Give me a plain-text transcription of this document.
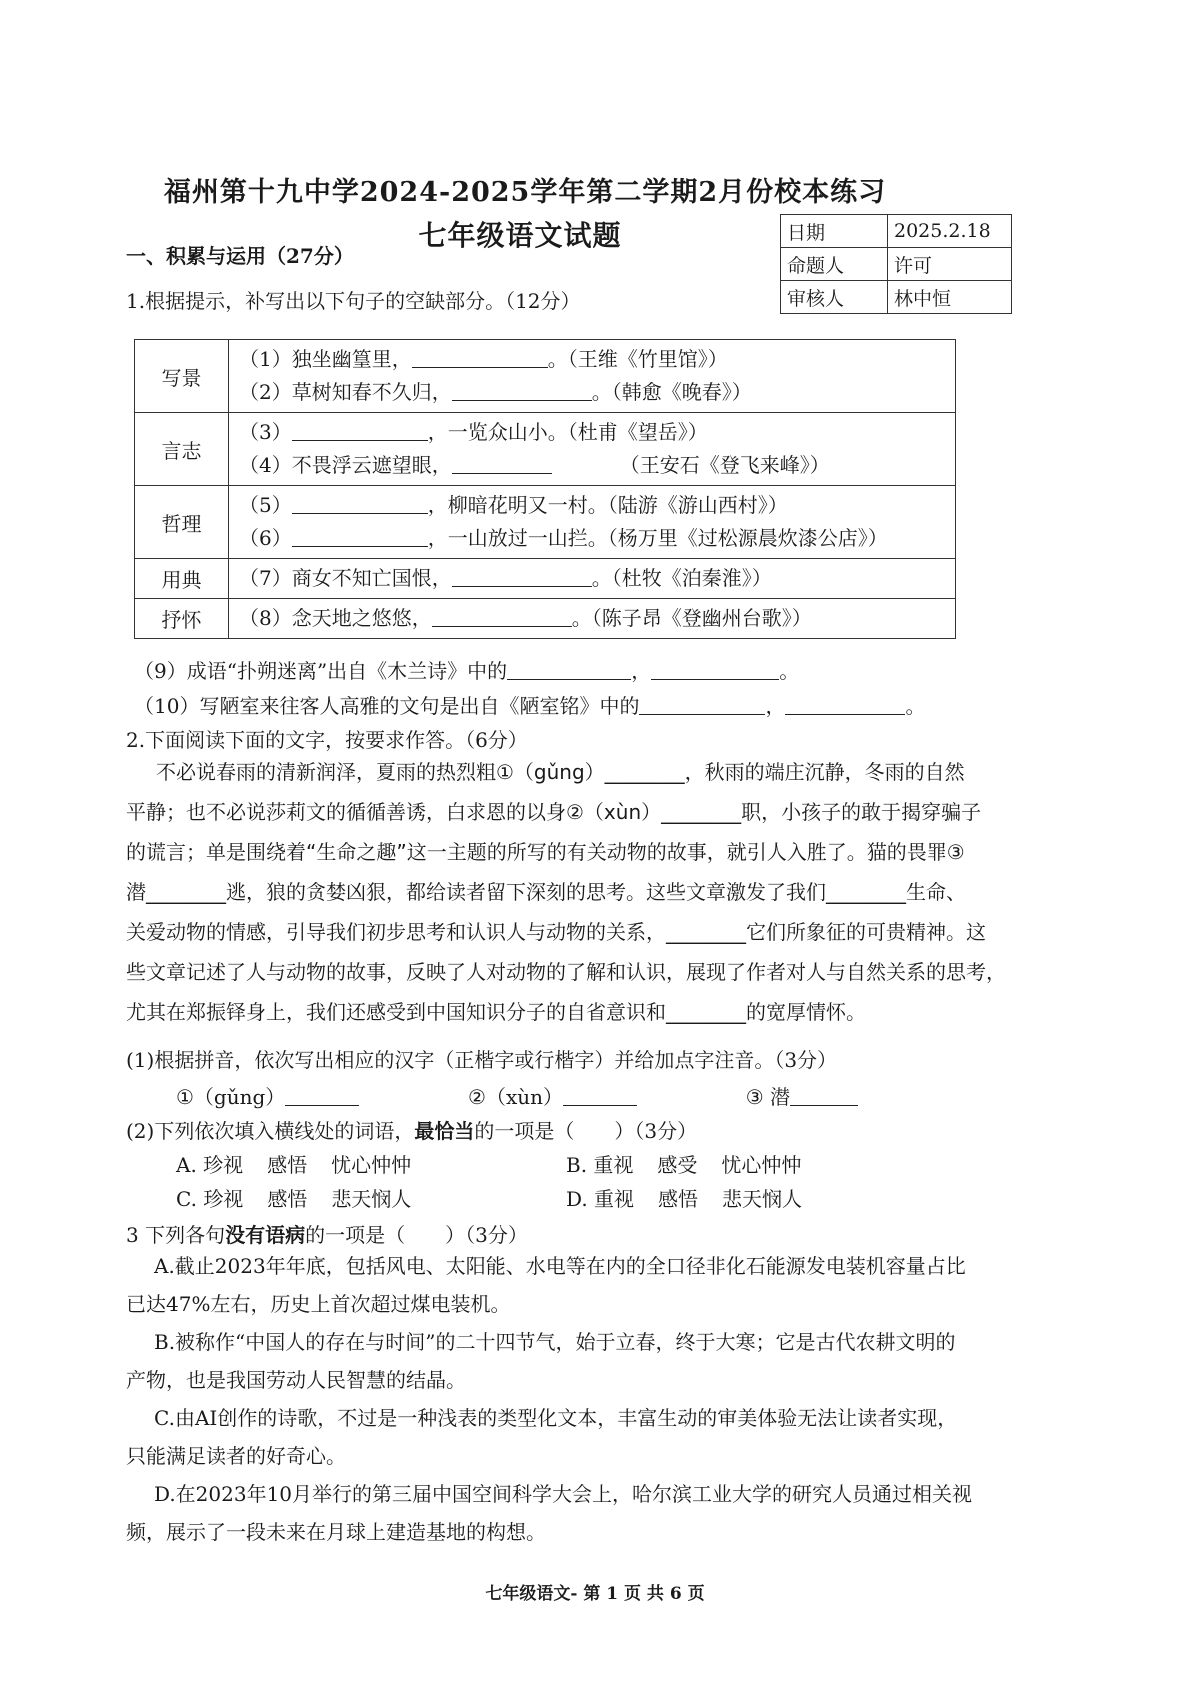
福州第十九中学2024-2025学年第二学期2月份校本练习
七年级语文试题	日期	2025.2.18
命题人	许可
审核人	林中恒
一、积累与运用（27分）
1.根据提示，补写出以下句子的空缺部分。（12分）
写景	（1）独坐幽篁里， 。（王维《竹里馆》）
（2）草树知春不久归， 。（韩愈《晚春》）

言志	（3） ，一览众山小。（杜甫《望岳》）
（4）不畏浮云遮望眼， （王安石《登飞来峰》）

哲理	（5） ，柳暗花明又一村。（陆游《游山西村》）
（6） ，一山放过一山拦。（杨万里《过松源晨炊漆公店》）

用典	（7）商女不知亡国恨， 。（杜牧《泊秦淮》）

抒怀	（8）念天地之悠悠， 。（陈子昂《登幽州台歌》）
（9）成语“扑朔迷离”出自《木兰诗》中的	，	。
（10）写陋室来往客人高雅的文句是出自《陋室铭》中的	，	。
2.下面阅读下面的文字，按要求作答。（6分）
不必说春雨的清新润泽，夏雨的热烈粗①（gǔng）________，秋雨的端庄沉静，冬雨的自然
平静；也不必说莎莉文的循循善诱，白求恩的以身②（xùn）________职，小孩子的敢于揭穿骗子
的谎言；单是围绕着“生命之趣”这一主题的所写的有关动物的故事，就引人入胜了。猫的畏罪③
潜________逃，狼的贪婪凶狠，都给读者留下深刻的思考。这些文章激发了我们________生命、
关爱动物的情感，引导我们初步思考和认识人与动物的关系，________它们所象征的可贵精神。这
些文章记述了人与动物的故事，反映了人对动物的了解和认识，展现了作者对人与自然关系的思考，
尤其在郑振铎身上，我们还感受到中国知识分子的自省意识和________的宽厚情怀。
(1)根据拼音，依次写出相应的汉字（正楷字或行楷字）并给加点字注音。（3分）
①（gǔng）	②（xùn）	③ 潜
(2)下列依次填入横线处的词语，最恰当的一项是（　　）（3分）
A. 珍视 感悟 忧心忡忡	B. 重视 感受 忧心忡忡
C. 珍视 感悟 悲天悯人	D. 重视 感悟 悲天悯人
3 下列各句没有语病的一项是（　　）（3分）
A.截止2023年年底，包括风电、太阳能、水电等在内的全口径非化石能源发电装机容量占比
已达47%左右，历史上首次超过煤电装机。
B.被称作“中国人的存在与时间”的二十四节气，始于立春，终于大寒；它是古代农耕文明的
产物，也是我国劳动人民智慧的结晶。
C.由AI创作的诗歌，不过是一种浅表的类型化文本，丰富生动的审美体验无法让读者实现，
只能满足读者的好奇心。
D.在2023年10月举行的第三届中国空间科学大会上，哈尔滨工业大学的研究人员通过相关视
频，展示了一段未来在月球上建造基地的构想。
七年级语文- 第 1 页 共 6 页
